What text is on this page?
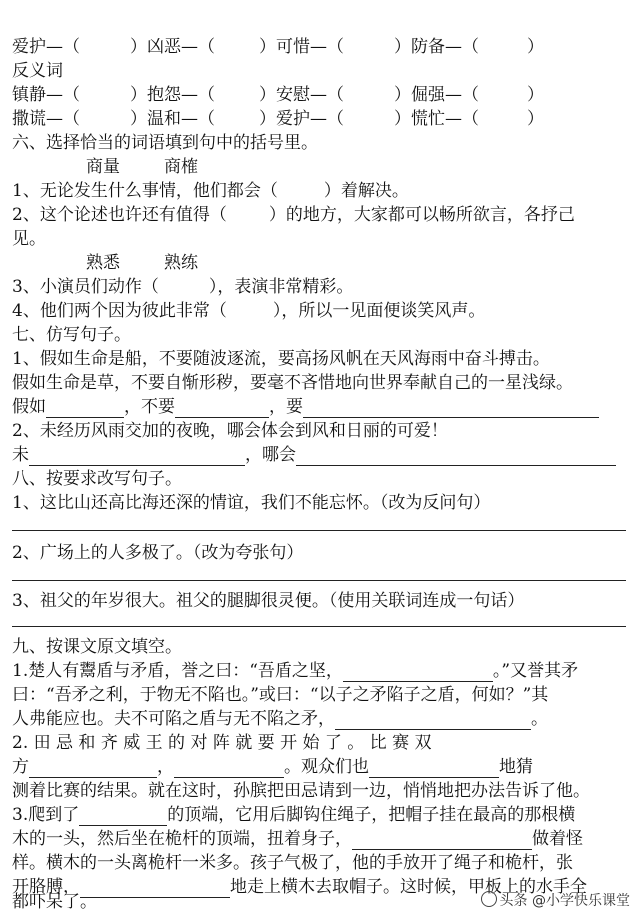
爱护—（	）凶恶—（	）可惜—（	）防备—（	）
反义词
镇静—（	）抱怨—（	）安慰—（	）倔强—（	）
撒谎—（	）温和—（	）爱护—（	）慌忙—（	）
六、选择恰当的词语填到句中的括号里。
商量	商榷
1、无论发生什么事情，他们都会（	）着解决。
2、这个论述也许还有值得（ ）的地方，大家都可以畅所欲言，各抒己
见。
熟悉	熟练
3、小演员们动作（	），表演非常精彩。
4、他们两个因为彼此非常（	），所以一见面便谈笑风声。
七、仿写句子。
1、假如生命是船，不要随波逐流，要高扬风帆在天风海雨中奋斗搏击。
假如生命是草，不要自惭形秽，要毫不吝惜地向世界奉献自己的一星浅绿。
假如	，不要	，要
2、未经历风雨交加的夜晚，哪会体会到风和日丽的可爱！
未	，哪会
八、按要求改写句子。
1、这比山还高比海还深的情谊，我们不能忘怀。（改为反问句）
2、广场上的人多极了。（改为夸张句）
3、祖父的年岁很大。祖父的腿脚很灵便。（使用关联词连成一句话）
九、按课文原文填空。
1.楚人有鬻盾与矛盾，誉之曰：“吾盾之坚，	。”又誉其矛
曰：“吾矛之利，于物无不陷也。”或曰：“以子之矛陷子之盾，何如？”其
人弗能应也。夫不可陷之盾与无不陷之矛，	。
2. 田 忌 和 齐 威 王 的 对 阵 就 要 开 始 了 。 比 赛 双
方	，	。观众们也	地猜
测着比赛的结果。就在这时，孙膑把田忌请到一边，悄悄地把办法告诉了他。
3.爬到了	的顶端，它用后脚钩住绳子，把帽子挂在最高的那根横
木的一头，然后坐在桅杆的顶端，扭着身子，	做着怪
样。横木的一头离桅杆一米多。孩子气极了，他的手放开了绳子和桅杆，张
开胳膊，	地走上横木去取帽子。这时候，甲板上的水手全
都吓呆了。	头条 @小学快乐课堂
